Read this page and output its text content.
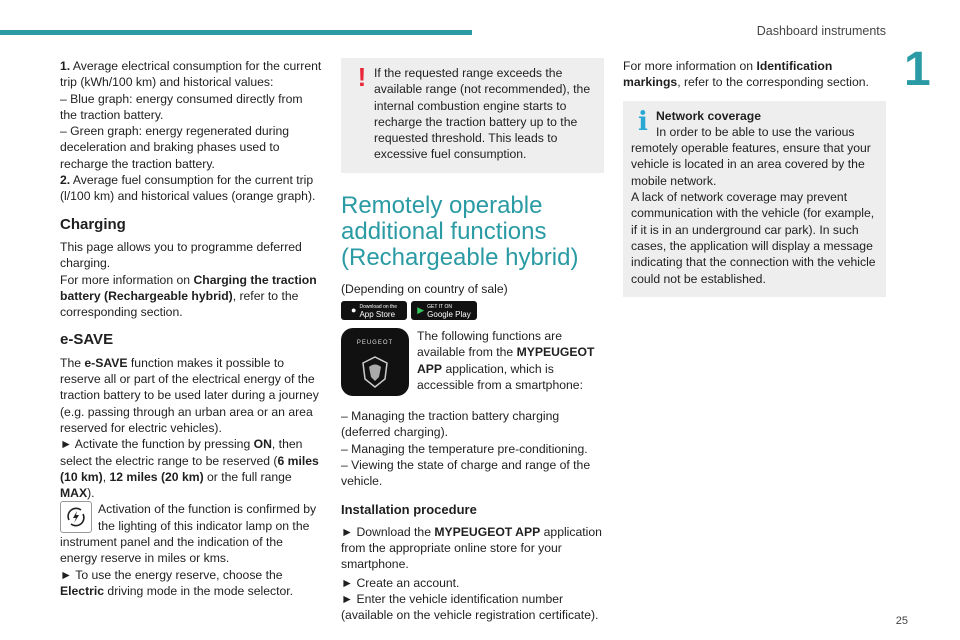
Dashboard instruments
1

1. Average electrical consumption for the current trip (kWh/100 km) and historical values:

– Blue graph: energy consumed directly from the traction battery.

– Green graph: energy regenerated during deceleration and braking phases used to recharge the traction battery.

2. Average fuel consumption for the current trip (l/100 km) and historical values (orange graph).

Charging

This page allows you to programme deferred charging.

For more information on Charging the traction battery (Rechargeable hybrid), refer to the corresponding section.

e-SAVE

The e-SAVE function makes it possible to reserve all or part of the electrical energy of the traction battery to be used later during a journey (e.g. passing through an urban area or an area reserved for electric vehicles).

► Activate the function by pressing ON, then select the electric range to be reserved (6 miles (10 km), 12 miles (20 km) or the full range MAX).

Activation of the function is confirmed by the lighting of this indicator lamp on the instrument panel and the indication of the energy reserve in miles or kms.

► To use the energy reserve, choose the Electric driving mode in the mode selector.

! If the requested range exceeds the available range (not recommended), the internal combustion engine starts to recharge the traction battery up to the requested threshold. This leads to excessive fuel consumption.

Remotely operable additional functions (Rechargeable hybrid)

(Depending on country of sale)

● Download on the
App Store ▶ GET IT ON
Google Play
PEUGEOT The following functions are available from the MYPEUGEOT APP application, which is accessible from a smartphone:

– Managing the traction battery charging (deferred charging).

– Managing the temperature pre-conditioning.

– Viewing the state of charge and range of the vehicle.

Installation procedure

► Download the MYPEUGEOT APP application from the appropriate online store for your smartphone.

► Create an account.

► Enter the vehicle identification number (available on the vehicle registration certificate).

For more information on Identification markings, refer to the corresponding section.

i Network coverage

In order to be able to use the various remotely operable features, ensure that your vehicle is located in an area covered by the mobile network.

A lack of network coverage may prevent communication with the vehicle (for example, if it is in an underground car park). In such cases, the application will display a message indicating that the connection with the vehicle could not be established.

25
